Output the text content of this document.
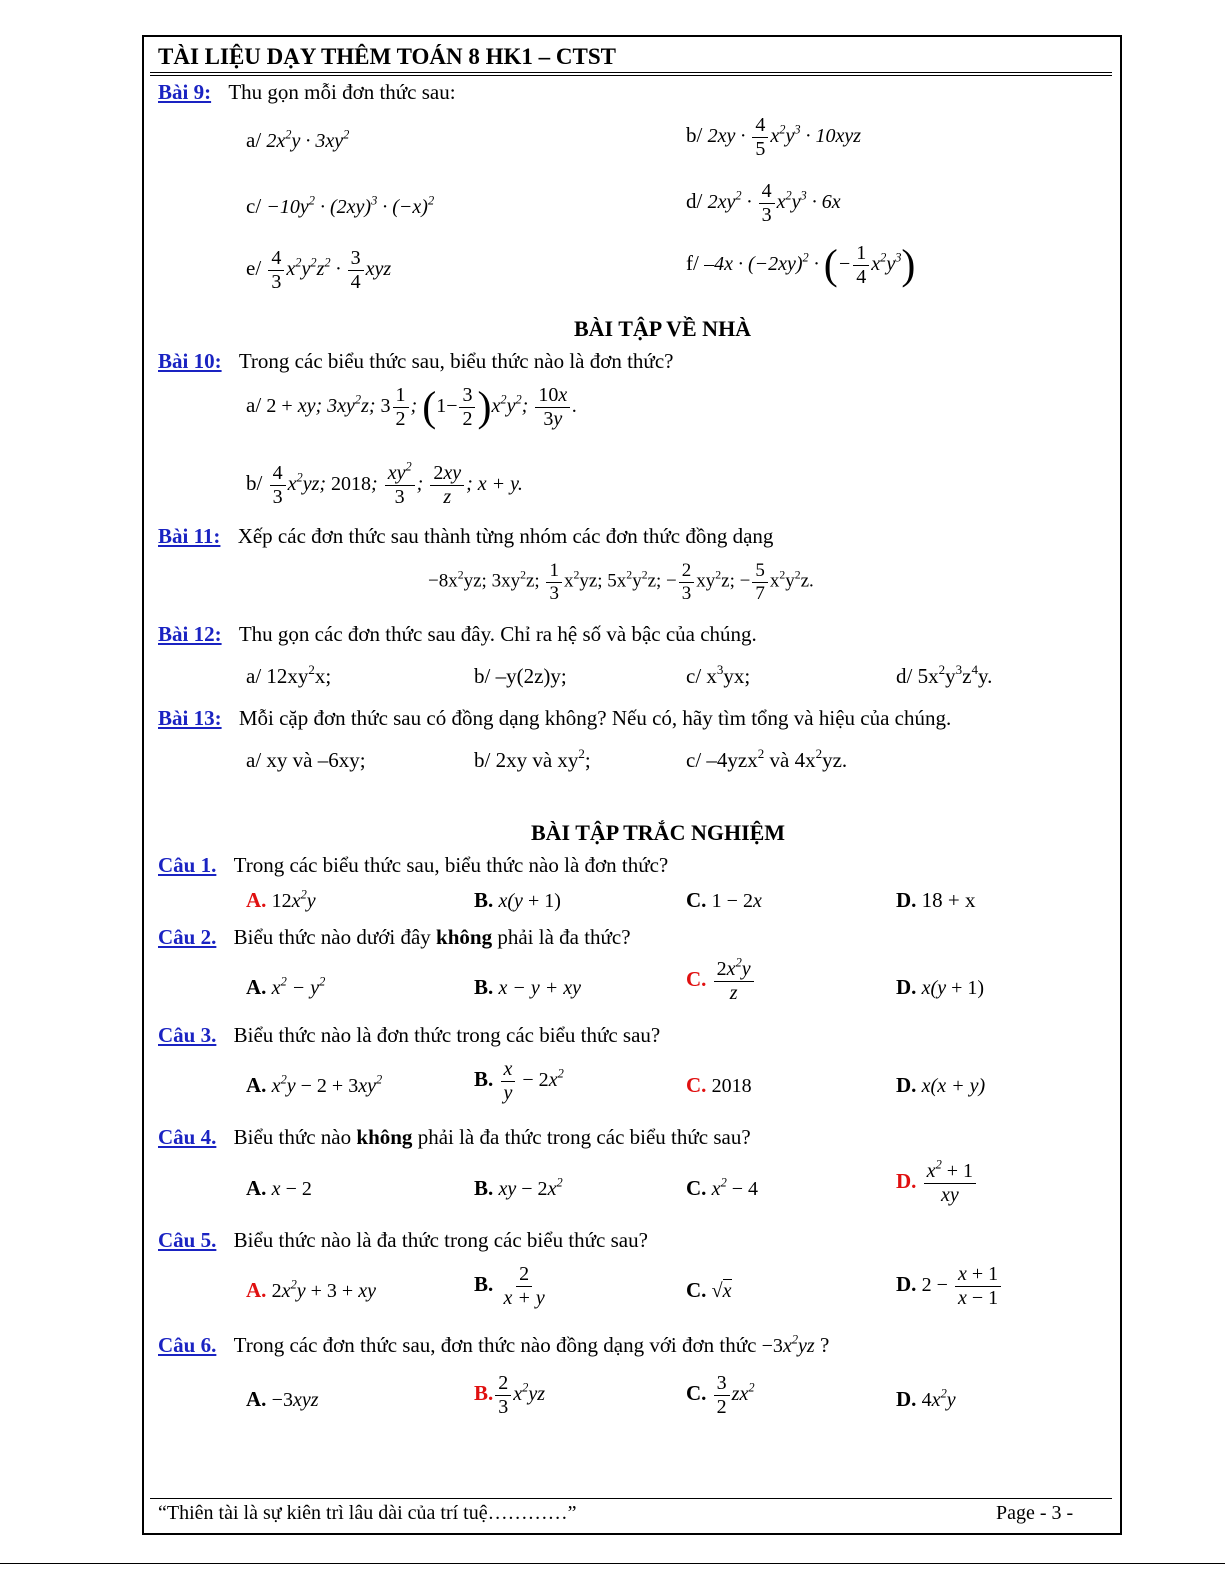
TÀI LIỆU DẠY THÊM TOÁN 8 HK1 – CTST
Bài 9: Thu gọn mỗi đơn thức sau:
a/ $2x^2y \cdot 3xy^2$	b/ $2xy \cdot \frac{4}{5} x^2y^3 \cdot 10xyz$
$c/ -10y^2 \cdot (2xy)^3 \cdot (-x)^2$	d/ $2xy^2 \cdot \frac{4}{3} x^2y^3 \cdot 6x$
$e/ \frac{4}{3} x^2y^2z^2 \cdot \frac{3}{4}$ xyz	f/ $-4x \cdot (-2xy)^2$ · (− $\frac{1}{4} x^2y^3$)
BÀI TẬP VỀ NHÀ
Bài 10: Trong các biểu thức sau, biểu thức nào là đơn thức?
a/ 2 + xy; $3xy^2z$; $3 \frac{1}{2}$ ; $(1- \frac{3}{2} )x^2y^2$; $\frac{10x}{3y}$ .
$b/ \frac{4}{3} x^2yz$; 2018; $\frac{xy^2}{3}$ ; $\frac{2xy}{z}$ ; x + y.
Bài 11: Xếp các đơn thức sau thành từng nhóm các đơn thức đồng dạng
$-8x^2yz$; $3xy^2z$; $\frac{1}{3} x^2yz$; $5x^2y^2z$; − $\frac{2}{3} xy^2z$; − $\frac{5}{7} x^2y^2z$.
Bài 12: Thu gọn các đơn thức sau đây. Chỉ ra hệ số và bậc của chúng.
a/ $12xy^2x$;	b/ –y(2z)y;	c/ $x^3yx$;	d/ $5x^2y^3z^4y$.
Bài 13: Mỗi cặp đơn thức sau có đồng dạng không? Nếu có, hãy tìm tổng và hiệu của chúng.
a/ xy và –6xy;	b/ 2xy và $xy^2$;	c/ –4yzx$^2$ và $4x^2yz$.
BÀI TẬP TRẮC NGHIỆM
Câu 1. Trong các biểu thức sau, biểu thức nào là đơn thức?
A. $12x^2y$	B. x(y + 1)	C. 1 − 2x	D. 18 + x
Câu 2. Biểu thức nào dưới đây không phải là đa thức?
A. $x^2 - y^2$	B. x − y + xy	C. $\frac{2x^2y}{z}$	D. x(y + 1)
Câu 3. Biểu thức nào là đơn thức trong các biểu thức sau?
A. $x^2y - 2 + 3xy^2$	B. $\frac{x}{y} - 2x^2$	C. 2018	D. x(x + y)
Câu 4. Biểu thức nào không phải là đa thức trong các biểu thức sau?
A. x − 2	B. xy − $2x^2$	C. $x^2 - 4$	D. $\frac{x^2 + 1}{xy}$
Câu 5. Biểu thức nào là đa thức trong các biểu thức sau?
A. $2x^2y + 3$ + xy	B. $\frac{2}{x + y}$	C. √x	D. $2 - \frac{x + 1}{x - 1}$
Câu 6. Trong các đơn thức sau, đơn thức nào đồng dạng với đơn thức $-3x^2yz$ ?
A. −3xyz	B. $\frac{2}{3} x^2yz$	C. $\frac{3}{2} zx^2$	D. $4x^2y$
“Thiên tài là sự kiên trì lâu dài của trí tuệ…………”	Page - 3 -
